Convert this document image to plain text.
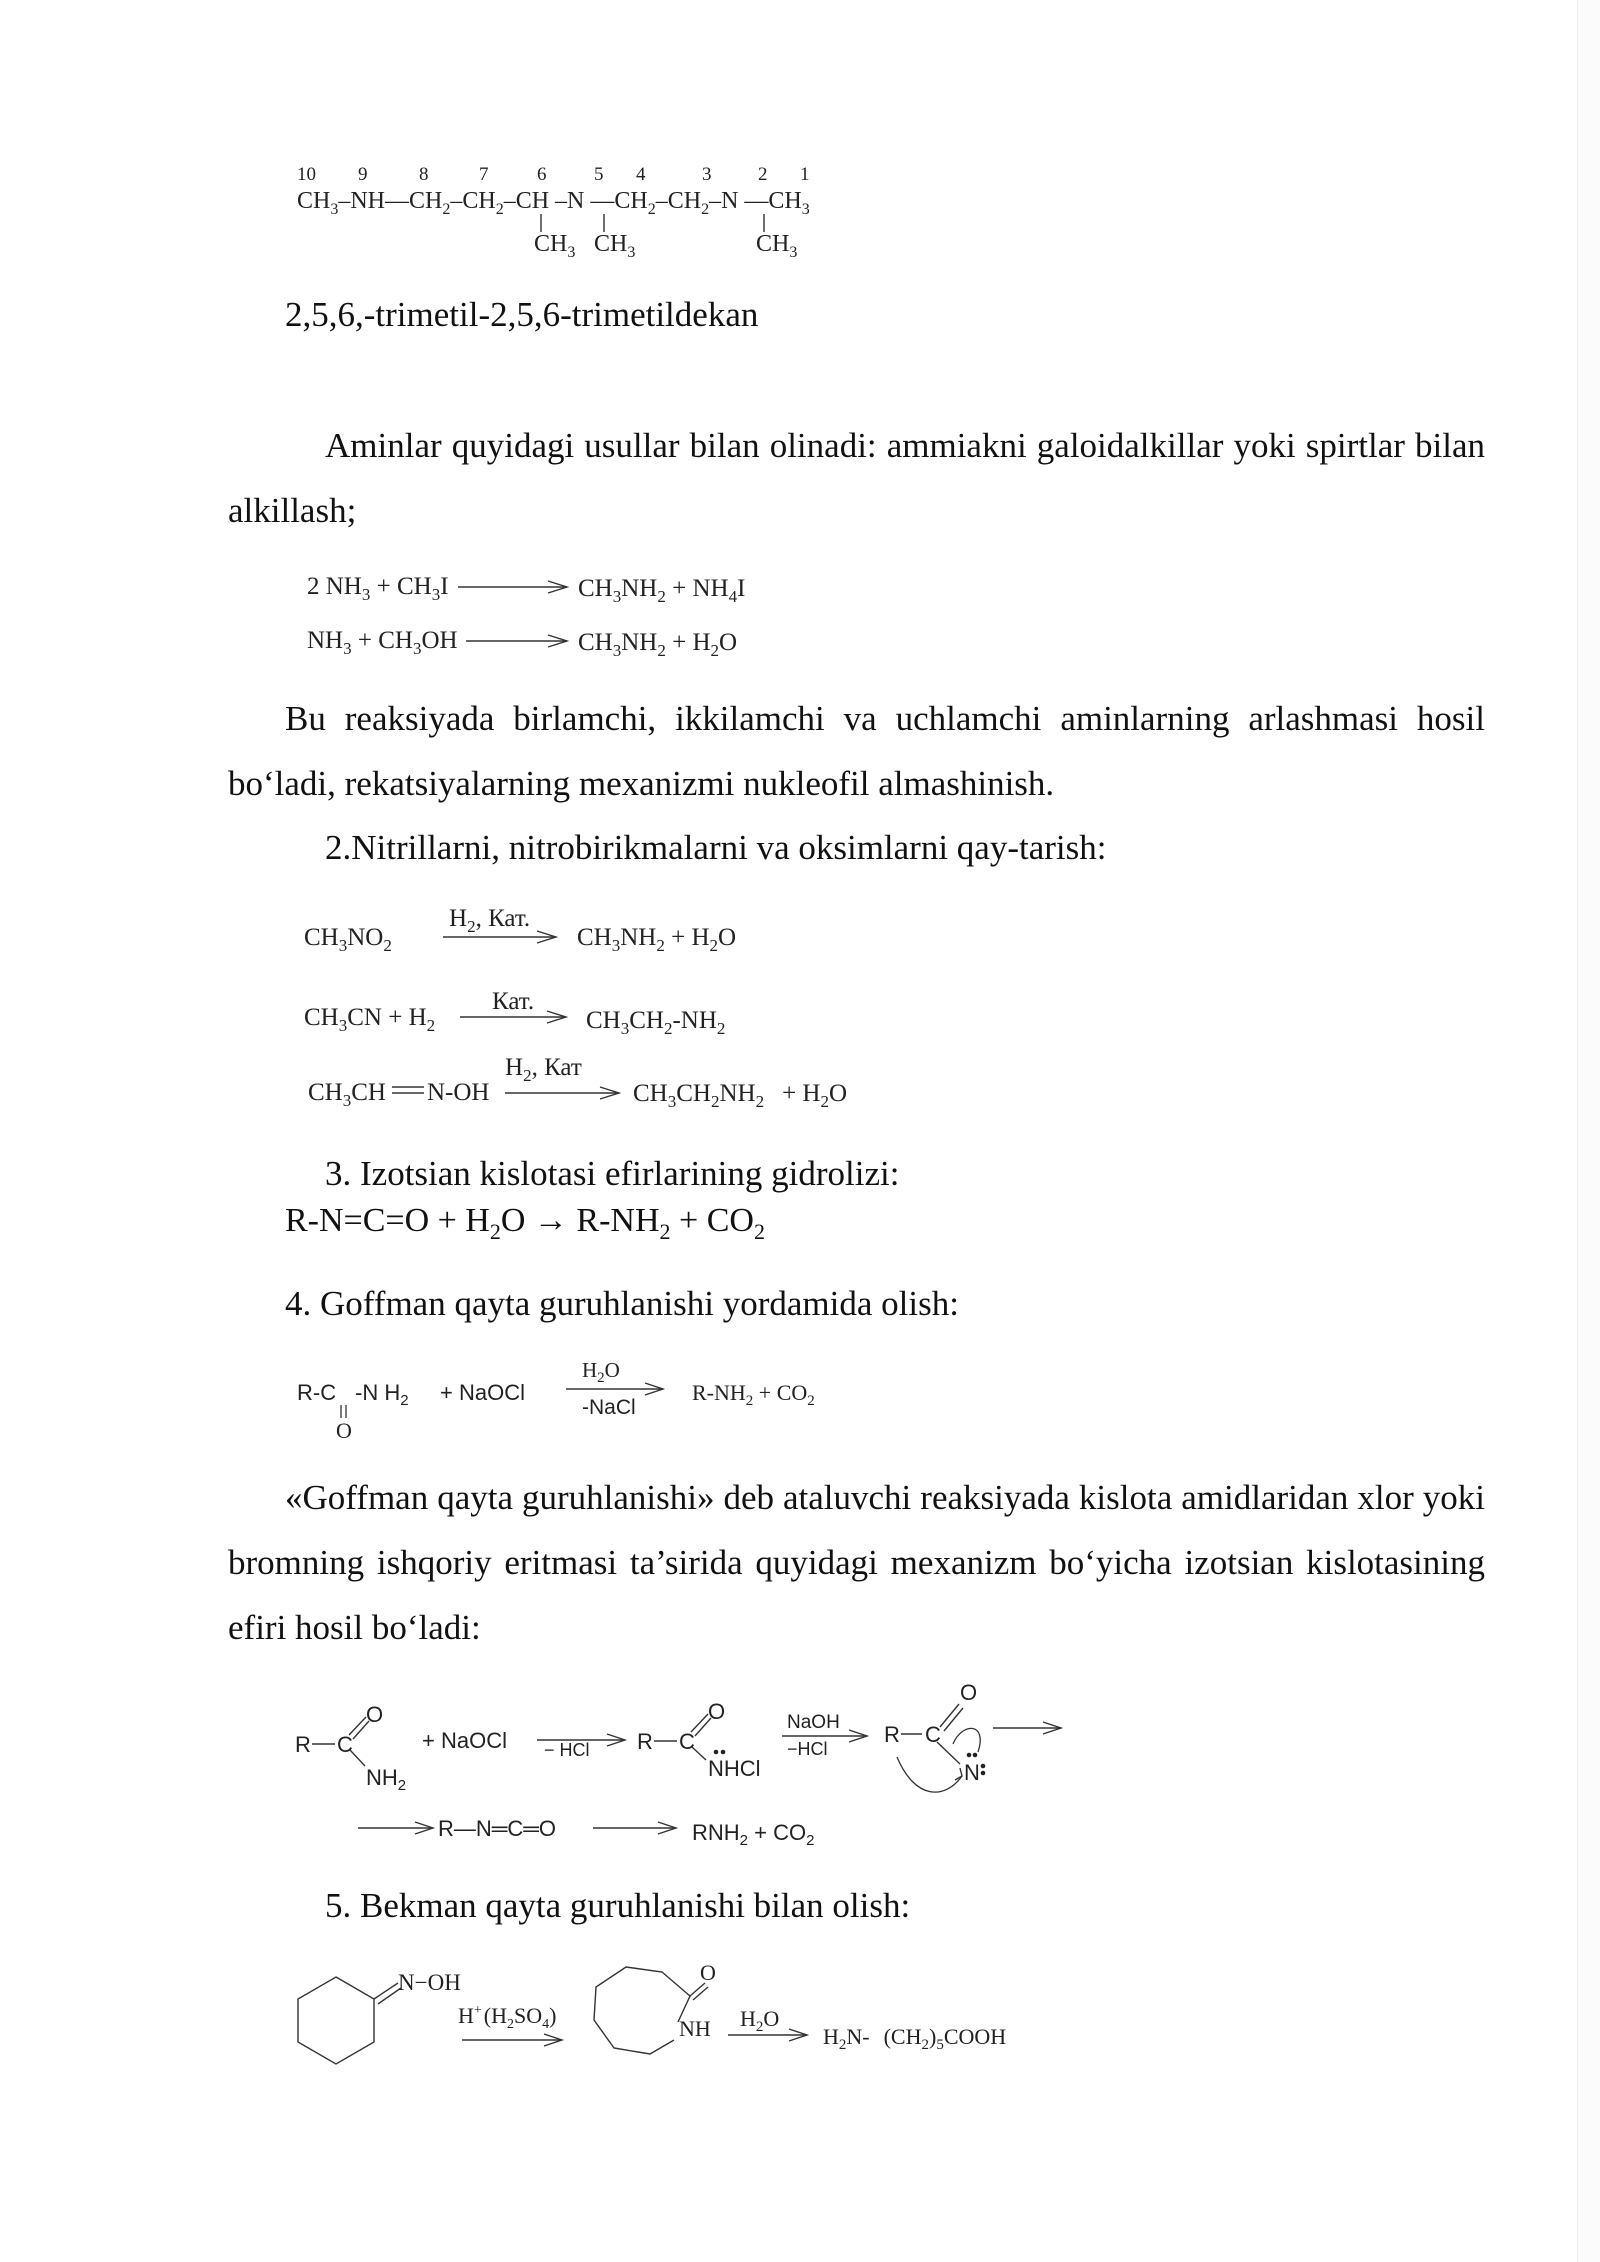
10 9	8	7	6	5 4	3 2 1
$CH_3-NH—CH_2-CH_2-CH$ –N $—CH_2-CH_2-N$ $—CH_3$
$CH_3$ $CH_3$	$CH_3$
2 $NH_3 + CH_3I$	$CH_3NH_2 + NH_4I$
$NH_3 + CH_3OH$	$CH_3NH_2 + H_2O$
$CH_3NO_2$
$H_2$, Кат.
$CH_3NH_2 + H_2O$
$CH_3CN + H_2$
Кат.
$CH_3CH_2-NH_2$
$CH_3CH$ N-OH
$H_2$, Кат
$CH_3CH_2NH_2 + H_2O$
R-C
O
-N $H_2$ + NaOCl
$H_2O$
-NaCl
$R-NH_2 + CO_2$
R C
O
$NH_2$
+ NaOCl − HCl R C
O
NHCl
NaOH
−HCl
R C
O
N
R—N═C═O	$RNH_2 + CO_2$
N−OH
$H^+(H_2SO_4)$
O
NH $H_2O$
$H_2N-$ $(CH_2)_5COOH$

2,5,6,-trimetil-2,5,6-trimetildekan

Aminlar quyidagi usullar bilan olinadi: ammiakni galoidalkillar yoki spirtlar bilan alkillash;

Bu reaksiyada birlamchi, ikkilamchi va uchlamchi aminlarning arlashmasi hosil bo‘ladi, rekatsiyalarning mexanizmi nukleofil almashinish.

2.Nitrillarni, nitrobirikmalarni va oksimlarni qay-tarish:

3. Izotsian kislotasi efirlarining gidrolizi:

$R-N=C=O + H_2O \to R-NH_2 + CO_2$

4. Goffman qayta guruhlanishi yordamida olish:

«Goffman qayta guruhlanishi» deb ataluvchi reaksiyada kislota amidlaridan xlor yoki bromning ishqoriy eritmasi ta’sirida quyidagi mexanizm bo‘yicha izotsian kislotasining efiri hosil bo‘ladi:

5. Bekman qayta guruhlanishi bilan olish:
